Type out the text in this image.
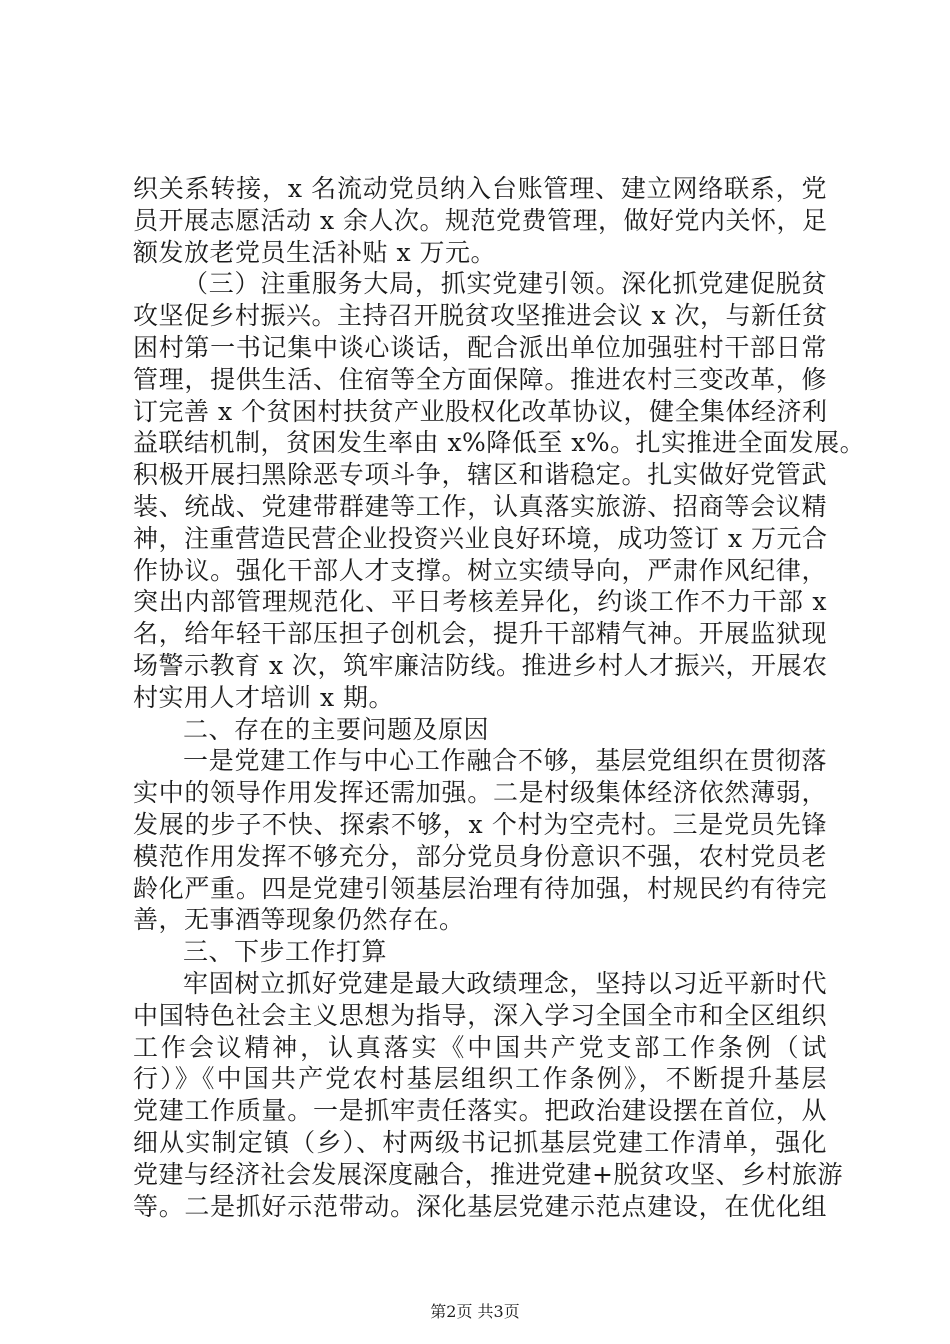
织关系转接，x 名流动党员纳入台账管理、建立网络联系，党
员开展志愿活动 x 余人次。规范党费管理，做好党内关怀，足
额发放老党员生活补贴 x 万元。
（三）注重服务大局，抓实党建引领。深化抓党建促脱贫
攻坚促乡村振兴。主持召开脱贫攻坚推进会议 x 次，与新任贫
困村第一书记集中谈心谈话，配合派出单位加强驻村干部日常
管理，提供生活、住宿等全方面保障。推进农村三变改革，修
订完善 x 个贫困村扶贫产业股权化改革协议，健全集体经济利
益联结机制，贫困发生率由 x%降低至 x%。扎实推进全面发展。
积极开展扫黑除恶专项斗争，辖区和谐稳定。扎实做好党管武
装、统战、党建带群建等工作，认真落实旅游、招商等会议精
神，注重营造民营企业投资兴业良好环境，成功签订 x 万元合
作协议。强化干部人才支撑。树立实绩导向，严肃作风纪律，
突出内部管理规范化、平日考核差异化，约谈工作不力干部 x
名，给年轻干部压担子创机会，提升干部精气神。开展监狱现
场警示教育 x 次，筑牢廉洁防线。推进乡村人才振兴，开展农
村实用人才培训 x 期。
二、存在的主要问题及原因
一是党建工作与中心工作融合不够，基层党组织在贯彻落
实中的领导作用发挥还需加强。二是村级集体经济依然薄弱，
发展的步子不快、探索不够，x 个村为空壳村。三是党员先锋
模范作用发挥不够充分，部分党员身份意识不强，农村党员老
龄化严重。四是党建引领基层治理有待加强，村规民约有待完
善，无事酒等现象仍然存在。
三、下步工作打算
牢固树立抓好党建是最大政绩理念，坚持以习近平新时代
中国特色社会主义思想为指导，深入学习全国全市和全区组织
工作会议精神，认真落实《中国共产党支部工作条例（试
行）》《中国共产党农村基层组织工作条例》，不断提升基层
党建工作质量。一是抓牢责任落实。把政治建设摆在首位，从
细从实制定镇（乡）、村两级书记抓基层党建工作清单，强化
党建与经济社会发展深度融合，推进党建+脱贫攻坚、乡村旅游
等。二是抓好示范带动。深化基层党建示范点建设，在优化组
第2页 共3页
